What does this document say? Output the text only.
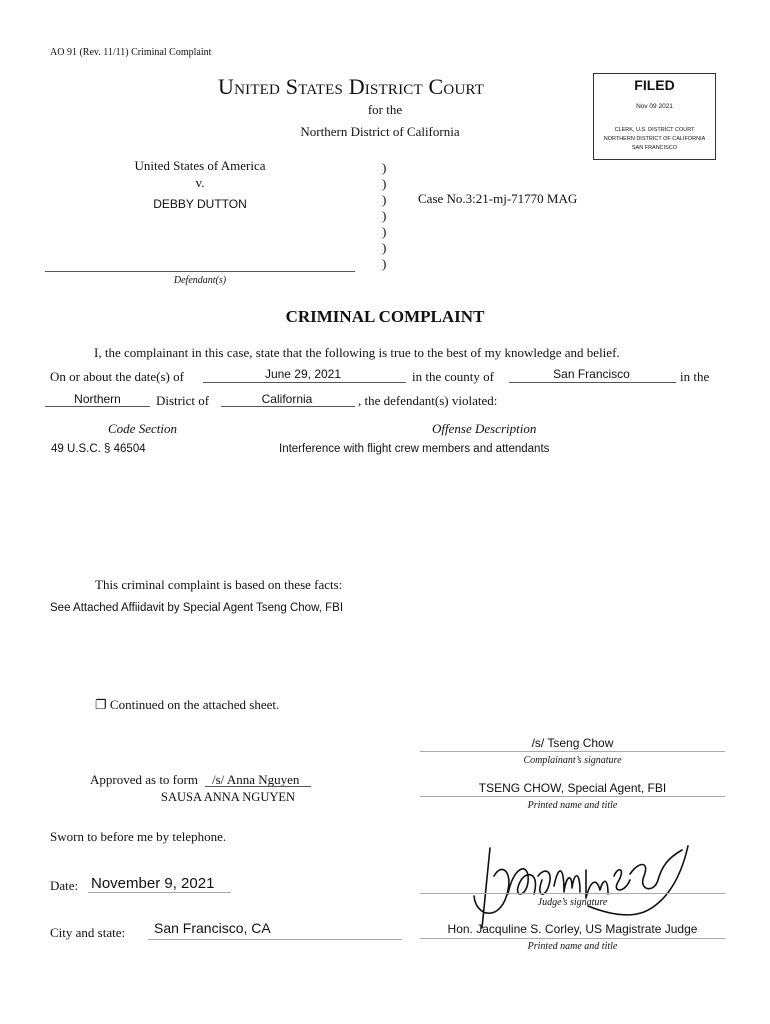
AO 91 (Rev. 11/11) Criminal Complaint
United States District Court
for the
Northern District of California
FILED
Nov 09 2021
CLERK, U.S. DISTRICT COURT
NORTHERN DISTRICT OF CALIFORNIA
SAN FRANCISCO
United States of America
v.
DEBBY DUTTON
Defendant(s)
)
)
)
)
)
)
)
Case No.3:21-mj-71770 MAG
CRIMINAL COMPLAINT
I, the complainant in this case, state that the following is true to the best of my knowledge and belief.
On or about the date(s) of	June 29, 2021	in the county of	San Francisco	in the
Northern	District of	California	, the defendant(s) violated:
Code Section	Offense Description
49 U.S.C. § 46504	Interference with flight crew members and attendants
This criminal complaint is based on these facts:
See Attached Affiidavit by Special Agent Tseng Chow, FBI
❐ Continued on the attached sheet.
/s/ Tseng Chow
Complainant’s signature
TSENG CHOW, Special Agent, FBI
Printed name and title
Approved as to form /s/ Anna Nguyen
SAUSA ANNA NGUYEN
Sworn to before me by telephone.
Date: November 9, 2021
Judge’s signature
City and state: San Francisco, CA	Hon. Jacquline S. Corley, US Magistrate Judge
Printed name and title
